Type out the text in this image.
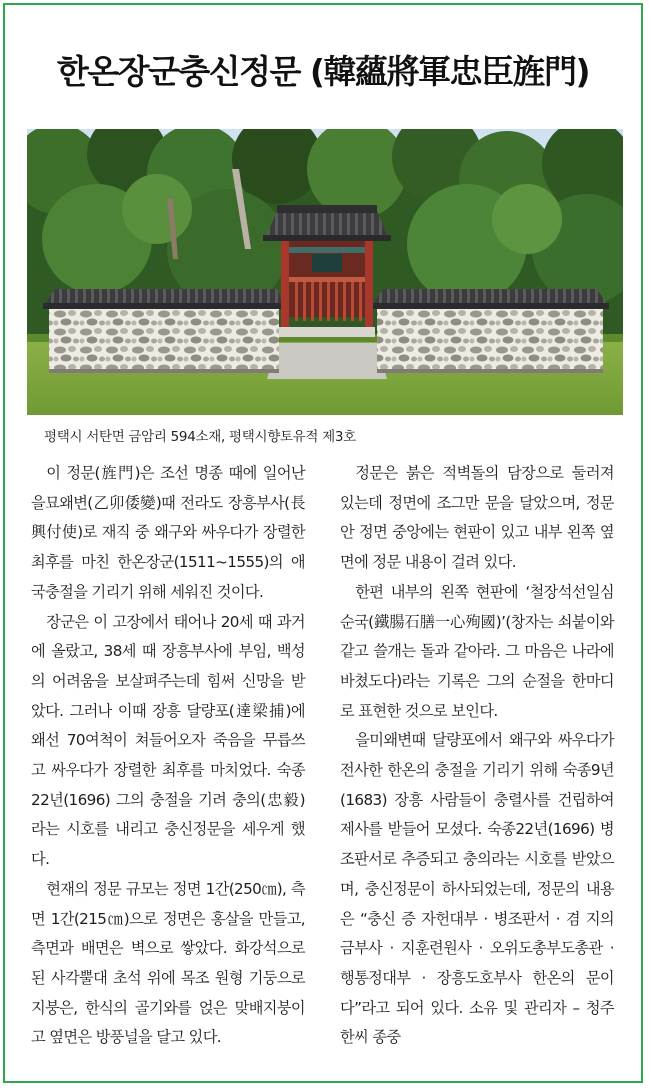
한온장군충신정문 (韓蘊將軍忠臣旌門)
평택시 서탄면 금암리 594소재, 평택시향토유적 제3호

이 정문(旌門)은 조선 명종 때에 일어난 을묘왜변(乙卯倭變)때 전라도 장흥부사(長興付使)로 재직 중 왜구와 싸우다가 장렬한 최후를 마친 한온장군(1511~1555)의 애국충절을 기리기 위해 세워진 것이다.

장군은 이 고장에서 태어나 20세 때 과거에 올랐고, 38세 때 장흥부사에 부임, 백성의 어려움을 보살펴주는데 힘써 신망을 받았다. 그러나 이때 장흥 달량포(達梁捕)에 왜선 70여척이 쳐들어오자 죽음을 무릅쓰고 싸우다가 장렬한 최후를 마치었다. 숙종 22년(1696) 그의 충절을 기려 충의(忠毅)라는 시호를 내리고 충신정문을 세우게 했다.

현재의 정문 규모는 정면 1간(250㎝), 측면 1간(215㎝)으로 정면은 홍살을 만들고, 측면과 배면은 벽으로 쌓았다. 화강석으로 된 사각뿔대 초석 위에 목조 원형 기둥으로 지붕은, 한식의 골기와를 얹은 맞배지붕이고 옆면은 방풍널을 달고 있다.

정문은 붉은 적벽돌의 담장으로 둘러져 있는데 정면에 조그만 문을 달았으며, 정문 안 정면 중앙에는 현판이 있고 내부 왼쪽 옆면에 정문 내용이 걸려 있다.

한편 내부의 왼쪽 현판에 ‘철장석선일심순국(鐵腸石膳一心殉國)’(창자는 쇠붙이와 같고 쓸개는 돌과 같아라. 그 마음은 나라에 바쳤도다)라는 기록은 그의 순절을 한마디로 표현한 것으로 보인다.

을미왜변때 달량포에서 왜구와 싸우다가 전사한 한온의 충절을 기리기 위해 숙종9년(1683) 장흥 사람들이 충렬사를 건립하여 제사를 받들어 모셨다. 숙종22년(1696) 병조판서로 추증되고 충의라는 시호를 받았으며, 충신정문이 하사되었는데, 정문의 내용은 “충신 증 자헌대부 · 병조판서 · 겸 지의금부사 · 지훈련원사 · 오위도총부도총관 · 행통정대부 · 장흥도호부사 한온의 문이다”라고 되어 있다. 소유 및 관리자 – 청주 한씨 종중
